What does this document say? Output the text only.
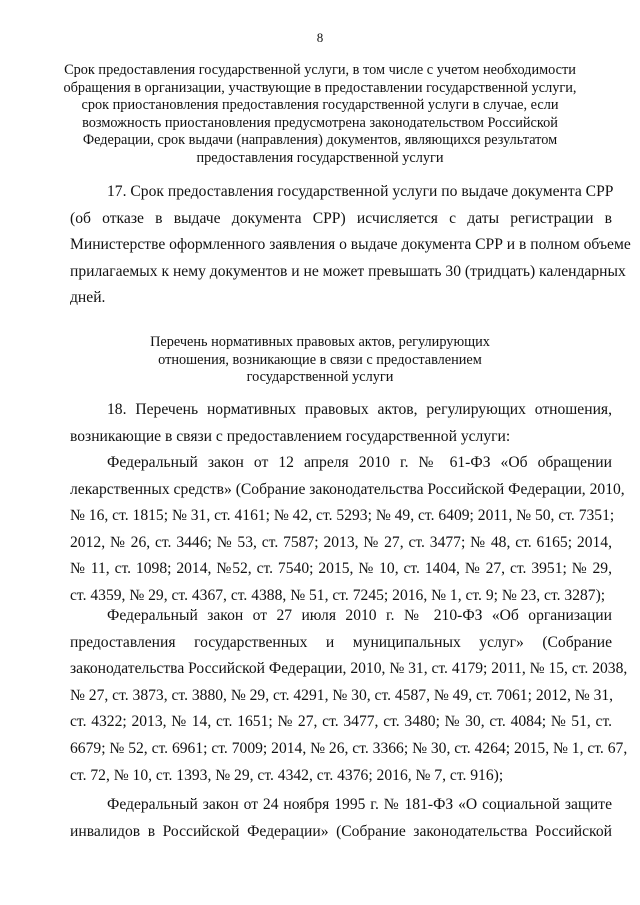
8
Срок предоставления государственной услуги, в том числе с учетом необходимости
обращения в организации, участвующие в предоставлении государственной услуги,
срок приостановления предоставления государственной услуги в случае, если
возможность приостановления предусмотрена законодательством Российской
Федерации, срок выдачи (направления) документов, являющихся результатом
предоставления государственной услуги
17. Срок предоставления государственной услуги по выдаче документа СРР
(об отказе в выдаче документа СРР) исчисляется с даты регистрации в
Министерстве оформленного заявления о выдаче документа СРР и в полном объеме
прилагаемых к нему документов и не может превышать 30 (тридцать) календарных
дней.
Перечень нормативных правовых актов, регулирующих
отношения, возникающие в связи с предоставлением
государственной услуги
18. Перечень нормативных правовых актов, регулирующих отношения,
возникающие в связи с предоставлением государственной услуги:
Федеральный закон от 12 апреля 2010 г. № 61-ФЗ «Об обращении
лекарственных средств» (Собрание законодательства Российской Федерации, 2010,
№ 16, ст. 1815; № 31, ст. 4161; № 42, ст. 5293; № 49, ст. 6409; 2011, № 50, ст. 7351;
2012, № 26, ст. 3446; № 53, ст. 7587; 2013, № 27, ст. 3477; № 48, ст. 6165; 2014,
№ 11, ст. 1098; 2014, №52, ст. 7540; 2015, № 10, ст. 1404, № 27, ст. 3951; № 29,
ст. 4359, № 29, ст. 4367, ст. 4388, № 51, ст. 7245; 2016, № 1, ст. 9; № 23, ст. 3287);
Федеральный закон от 27 июля 2010 г. № 210-ФЗ «Об организации
предоставления государственных и муниципальных услуг» (Собрание
законодательства Российской Федерации, 2010, № 31, ст. 4179; 2011, № 15, ст. 2038,
№ 27, ст. 3873, ст. 3880, № 29, ст. 4291, № 30, ст. 4587, № 49, ст. 7061; 2012, № 31,
ст. 4322; 2013, № 14, ст. 1651; № 27, ст. 3477, ст. 3480; № 30, ст. 4084; № 51, ст.
6679; № 52, ст. 6961; ст. 7009; 2014, № 26, ст. 3366; № 30, ст. 4264; 2015, № 1, ст. 67,
ст. 72, № 10, ст. 1393, № 29, ст. 4342, ст. 4376; 2016, № 7, ст. 916);
Федеральный закон от 24 ноября 1995 г. № 181-ФЗ «О социальной защите
инвалидов в Российской Федерации» (Собрание законодательства Российской
